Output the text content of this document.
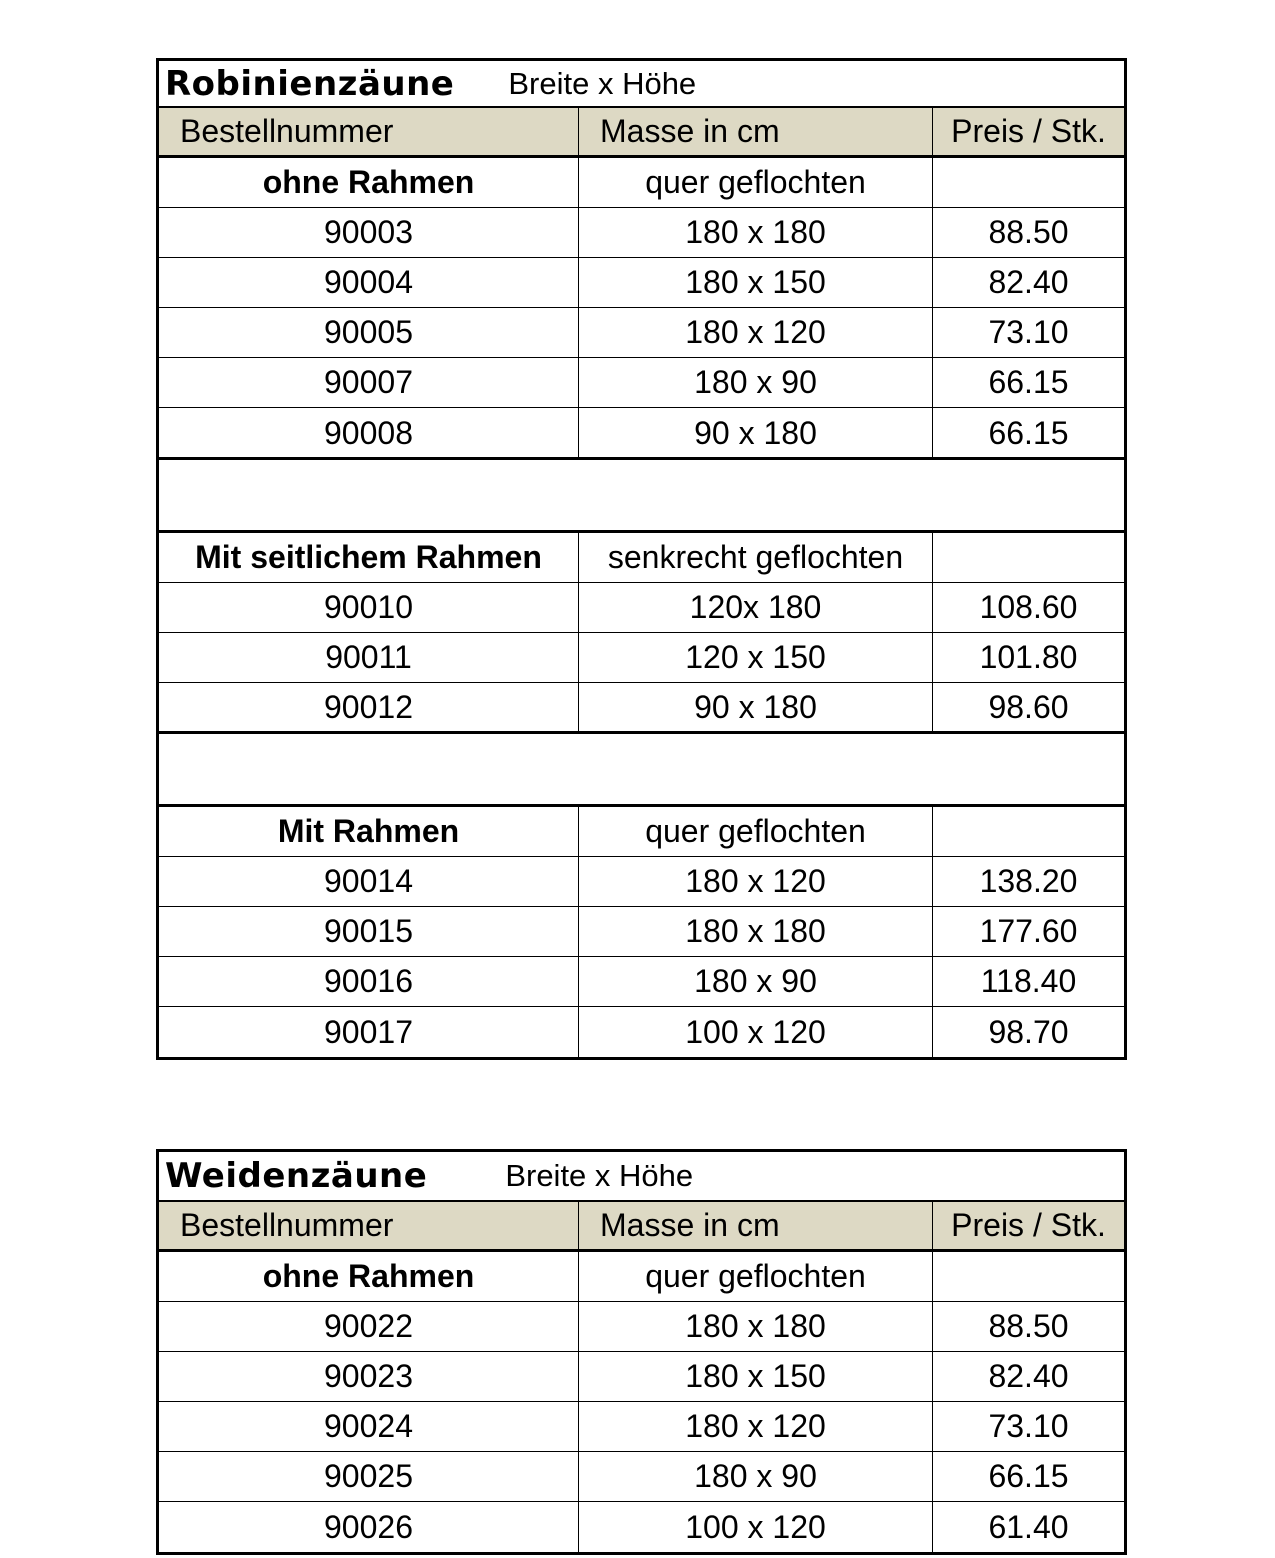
Robinienzäune Breite x Höhe
Bestellnummer	Masse in cm	Preis / Stk.
ohne Rahmen	quer geflochten
90003	180 x 180	88.50
90004	180 x 150	82.40
90005	180 x 120	73.10
90007	180 x 90	66.15
90008	90 x 180	66.15
Mit seitlichem Rahmen	senkrecht geflochten
90010	120x 180	108.60
90011	120 x 150	101.80
90012	90 x 180	98.60
Mit Rahmen	quer geflochten
90014	180 x 120	138.20
90015	180 x 180	177.60
90016	180 x 90	118.40
90017	100 x 120	98.70
Weidenzäune	Breite x Höhe
Bestellnummer	Masse in cm	Preis / Stk.
ohne Rahmen	quer geflochten
90022	180 x 180	88.50
90023	180 x 150	82.40
90024	180 x 120	73.10
90025	180 x 90	66.15
90026	100 x 120	61.40
